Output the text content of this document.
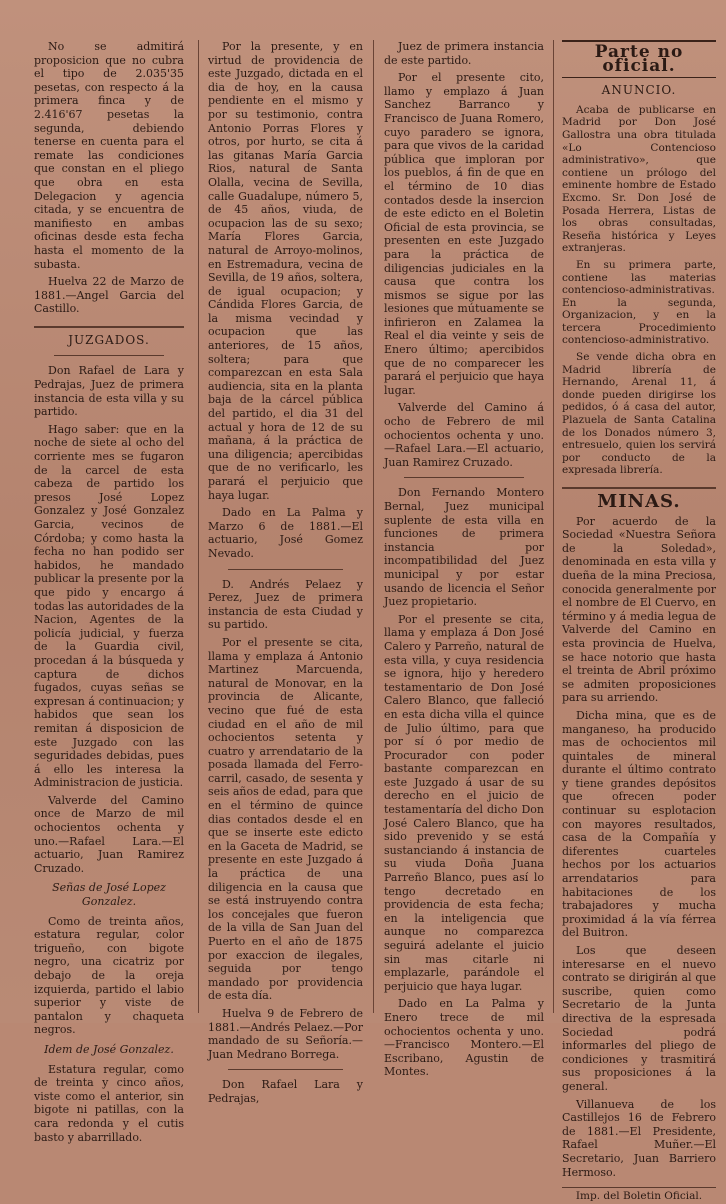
No se admitirá proposicion que no cubra el tipo de 2.035'35 pesetas, con respecto á la primera finca y de 2.416'67 pesetas la segunda, debiendo tenerse en cuenta para el remate las condiciones que constan en el pliego que obra en esta Delegacion y agencia citada, y se encuentra de manifiesto en ambas oficinas desde esta fecha hasta el momento de la subasta.

Huelva 22 de Marzo de 1881.—Angel Garcia del Castillo.

JUZGADOS.

Don Rafael de Lara y Pedrajas, Juez de primera instancia de esta villa y su partido.

Hago saber: que en la noche de siete al ocho del corriente mes se fugaron de la carcel de esta cabeza de partido los presos José Lopez Gonzalez y José Gonzalez Garcia, vecinos de Córdoba; y como hasta la fecha no han podido ser habidos, he mandado publicar la presente por la que pido y encargo á todas las autoridades de la Nacion, Agentes de la policía judicial, y fuerza de la Guardia civil, procedan á la búsqueda y captura de dichos fugados, cuyas señas se expresan á continuacion; y habidos que sean los remitan á disposicion de este Juzgado con las seguridades debidas, pues á ello les interesa la Administracion de justicia.

Valverde del Camino once de Marzo de mil ochocientos ochenta y uno.—Rafael Lara.—El actuario, Juan Ramirez Cruzado.

Señas de José Lopez Gonzalez.

Como de treinta años, estatura regular, color trigueño, con bigote negro, una cicatriz por debajo de la oreja izquierda, partido el labio superior y viste de pantalon y chaqueta negros.

Idem de José Gonzalez.

Estatura regular, como de treinta y cinco años, viste como el anterior, sin bigote ni patillas, con la cara redonda y el cutis basto y abarrillado.

Por la presente, y en virtud de providencia de este Juzgado, dictada en el dia de hoy, en la causa pendiente en el mismo y por su testimonio, contra Antonio Porras Flores y otros, por hurto, se cita á las gitanas María Garcia Rios, natural de Santa Olalla, vecina de Sevilla, calle Guadalupe, número 5, de 45 años, viuda, de ocupacion las de su sexo; María Flores Garcia, natural de Arroyo-molinos, en Estremadura, vecina de Sevilla, de 19 años, soltera, de igual ocupacion; y Cándida Flores Garcia, de la misma vecindad y ocupacion que las anteriores, de 15 años, soltera; para que comparezcan en esta Sala audiencia, sita en la planta baja de la cárcel pública del partido, el dia 31 del actual y hora de 12 de su mañana, á la práctica de una diligencia; apercibidas que de no verificarlo, les parará el perjuicio que haya lugar.

Dado en La Palma y Marzo 6 de 1881.—El actuario, José Gomez Nevado.

D. Andrés Pelaez y Perez, Juez de primera instancia de esta Ciudad y su partido.

Por el presente se cita, llama y emplaza á Antonio Martinez Marcuenda, natural de Monovar, en la provincia de Alicante, vecino que fué de esta ciudad en el año de mil ochocientos setenta y cuatro y arrendatario de la posada llamada del Ferro-carril, casado, de sesenta y seis años de edad, para que en el término de quince dias contados desde el en que se inserte este edicto en la Gaceta de Madrid, se presente en este Juzgado á la práctica de una diligencia en la causa que se está instruyendo contra los concejales que fueron de la villa de San Juan del Puerto en el año de 1875 por exaccion de ilegales, seguida por tengo mandado por providencia de esta día.

Huelva 9 de Febrero de 1881.—Andrés Pelaez.—Por mandado de su Señoría.—Juan Medrano Borrega.

Don Rafael Lara y Pedrajas,

Juez de primera instancia de este partido.

Por el presente cito, llamo y emplazo á Juan Sanchez Barranco y Francisco de Juana Romero, cuyo paradero se ignora, para que vivos de la caridad pública que imploran por los pueblos, á fin de que en el término de 10 dias contados desde la insercion de este edicto en el Boletin Oficial de esta provincia, se presenten en este Juzgado para la práctica de diligencias judiciales en la causa que contra los mismos se sigue por las lesiones que mútuamente se infirieron en Zalamea la Real el dia veinte y seis de Enero último; apercibidos que de no comparecer les parará el perjuicio que haya lugar.

Valverde del Camino á ocho de Febrero de mil ochocientos ochenta y uno.—Rafael Lara.—El actuario, Juan Ramirez Cruzado.

Don Fernando Montero Bernal, Juez municipal suplente de esta villa en funciones de primera instancia por incompatibilidad del Juez municipal y por estar usando de licencia el Señor Juez propietario.

Por el presente se cita, llama y emplaza á Don José Calero y Parreño, natural de esta villa, y cuya residencia se ignora, hijo y heredero testamentario de Don José Calero Blanco, que falleció en esta dicha villa el quince de Julio último, para que por sí ó por medio de Procurador con poder bastante comparezcan en este Juzgado á usar de su derecho en el juicio de testamentaría del dicho Don José Calero Blanco, que ha sido prevenido y se está sustanciando á instancia de su viuda Doña Juana Parreño Blanco, pues así lo tengo decretado en providencia de esta fecha; en la inteligencia que aunque no comparezca seguirá adelante el juicio sin mas citarle ni emplazarle, parándole el perjuicio que haya lugar.

Dado en La Palma y Enero trece de mil ochocientos ochenta y uno.—Francisco Montero.—El Escribano, Agustin de Montes.

Parte no oficial.
ANUNCIO.

Acaba de publicarse en Madrid por Don José Gallostra una obra titulada «Lo Contencioso administrativo», que contiene un prólogo del eminente hombre de Estado Excmo. Sr. Don José de Posada Herrera, Listas de los obras consultadas, Reseña histórica y Leyes extranjeras.

En su primera parte, contiene las materias contencioso-administrativas. En la segunda, Organizacion, y en la tercera Procedimiento contencioso-administrativo.

Se vende dicha obra en Madrid librería de Hernando, Arenal 11, á donde pueden dirigirse los pedidos, ó á casa del autor, Plazuela de Santa Catalina de los Donados número 3, entresuelo, quien los servirá por conducto de la expresada librería.

MINAS.

Por acuerdo de la Sociedad «Nuestra Señora de la Soledad», denominada en esta villa y dueña de la mina Preciosa, conocida generalmente por el nombre de El Cuervo, en término y á media legua de Valverde del Camino en esta provincia de Huelva, se hace notorio que hasta el treinta de Abril próximo se admiten proposiciones para su arriendo.

Dicha mina, que es de manganeso, ha producido mas de ochocientos mil quintales de mineral durante el último contrato y tiene grandes depósitos que ofrecen poder continuar su esplotacion con mayores resultados, casa de la Compañía y diferentes cuarteles hechos por los actuarios arrendatarios para habitaciones de los trabajadores y mucha proximidad á la vía férrea del Buitron.

Los que deseen interesarse en el nuevo contrato se dirigirán al que suscribe, quien como Secretario de la Junta directiva de la espresada Sociedad podrá informarles del pliego de condiciones y trasmitirá sus proposiciones á la general.

Villanueva de los Castillejos 16 de Febrero de 1881.—El Presidente, Rafael Muñer.—El Secretario, Juan Barriero Hermoso.

Imp. del Boletin Oficial.
